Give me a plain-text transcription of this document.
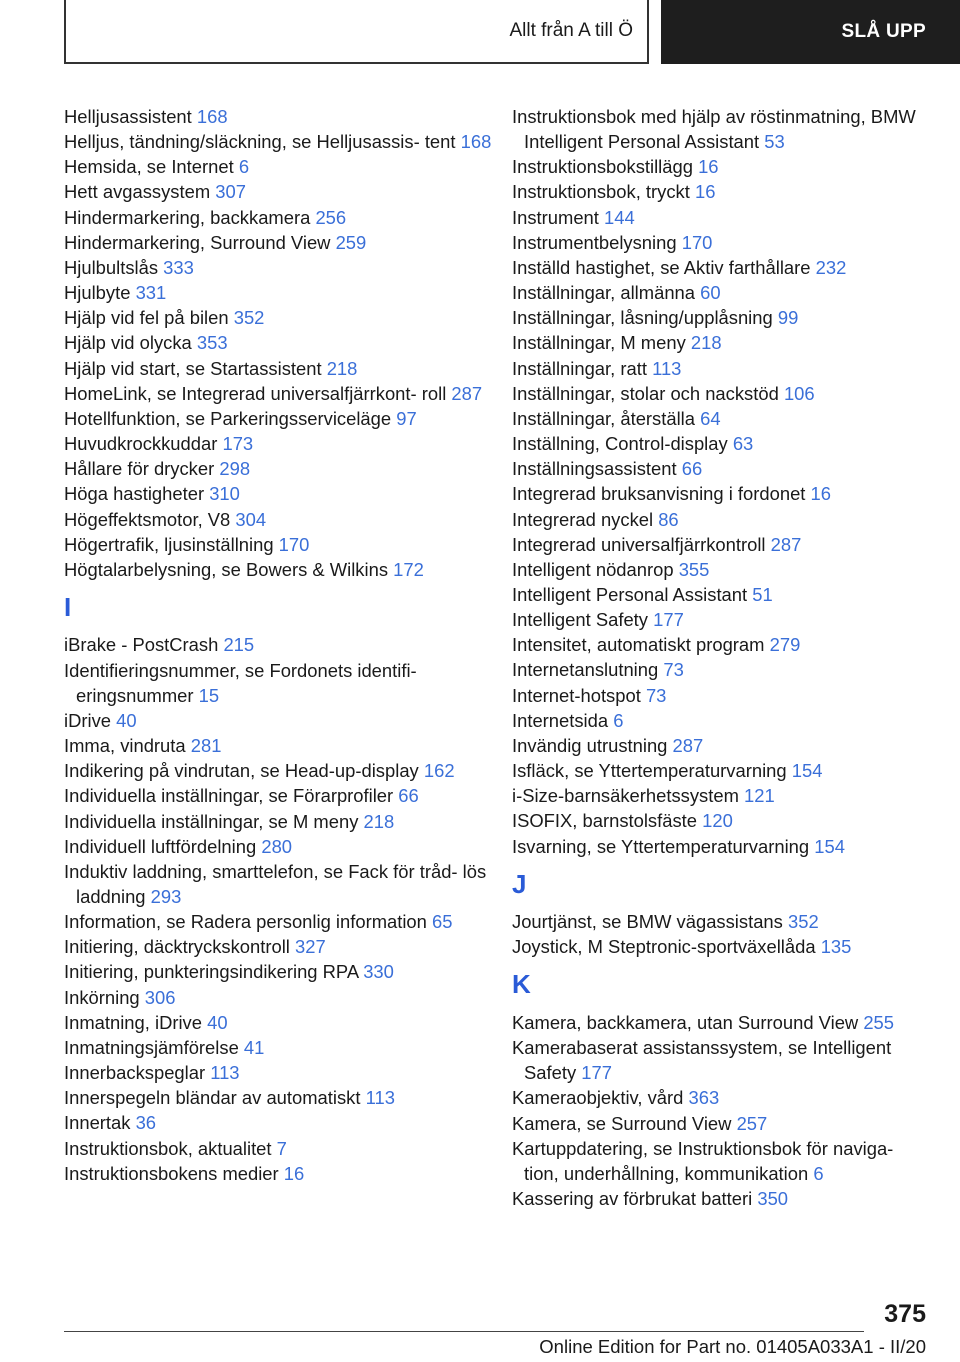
Allt från A till Ö	SLÅ UPP
Helljusassistent 168
Helljus, tändning/släckning, se Helljusassis- tent 168
Hemsida, se Internet 6
Hett avgassystem 307
Hindermarkering, backkamera 256
Hindermarkering, Surround View 259
Hjulbultslås 333
Hjulbyte 331
Hjälp vid fel på bilen 352
Hjälp vid olycka 353
Hjälp vid start, se Startassistent 218
HomeLink, se Integrerad universalfjärrkont- roll 287
Hotellfunktion, se Parkeringsserviceläge 97
Huvudkrockkuddar 173
Hållare för drycker 298
Höga hastigheter 310
Högeffektsmotor, V8 304
Högertrafik, ljusinställning 170
Högtalarbelysning, se Bowers & Wilkins 172
I
iBrake - PostCrash 215
Identifieringsnummer, se Fordonets identifi- eringsnummer 15
iDrive 40
Imma, vindruta 281
Indikering på vindrutan, se Head-up-display 162
Individuella inställningar, se Förarprofiler 66
Individuella inställningar, se M meny 218
Individuell luftfördelning 280
Induktiv laddning, smarttelefon, se Fack för tråd- lös laddning 293
Information, se Radera personlig information 65
Initiering, däcktryckskontroll 327
Initiering, punkteringsindikering RPA 330
Inkörning 306
Inmatning, iDrive 40
Inmatningsjämförelse 41
Innerbackspeglar 113
Innerspegeln bländar av automatiskt 113
Innertak 36
Instruktionsbok, aktualitet 7
Instruktionsbokens medier 16
Instruktionsbok med hjälp av röstinmatning, BMW Intelligent Personal Assistant 53
Instruktionsbokstillägg 16
Instruktionsbok, tryckt 16
Instrument 144
Instrumentbelysning 170
Inställd hastighet, se Aktiv farthållare 232
Inställningar, allmänna 60
Inställningar, låsning/upplåsning 99
Inställningar, M meny 218
Inställningar, ratt 113
Inställningar, stolar och nackstöd 106
Inställningar, återställa 64
Inställning, Control-display 63
Inställningsassistent 66
Integrerad bruksanvisning i fordonet 16
Integrerad nyckel 86
Integrerad universalfjärrkontroll 287
Intelligent nödanrop 355
Intelligent Personal Assistant 51
Intelligent Safety 177
Intensitet, automatiskt program 279
Internetanslutning 73
Internet-hotspot 73
Internetsida 6
Invändig utrustning 287
Isfläck, se Yttertemperaturvarning 154
i-Size-barnsäkerhetssystem 121
ISOFIX, barnstolsfäste 120
Isvarning, se Yttertemperaturvarning 154
J
Jourtjänst, se BMW vägassistans 352
Joystick, M Steptronic-sportväxellåda 135
K
Kamera, backkamera, utan Surround View 255
Kamerabaserat assistanssystem, se Intelligent Safety 177
Kameraobjektiv, vård 363
Kamera, se Surround View 257
Kartuppdatering, se Instruktionsbok för naviga- tion, underhållning, kommunikation 6
Kassering av förbrukat batteri 350
375
Online Edition for Part no. 01405A033A1 - II/20
